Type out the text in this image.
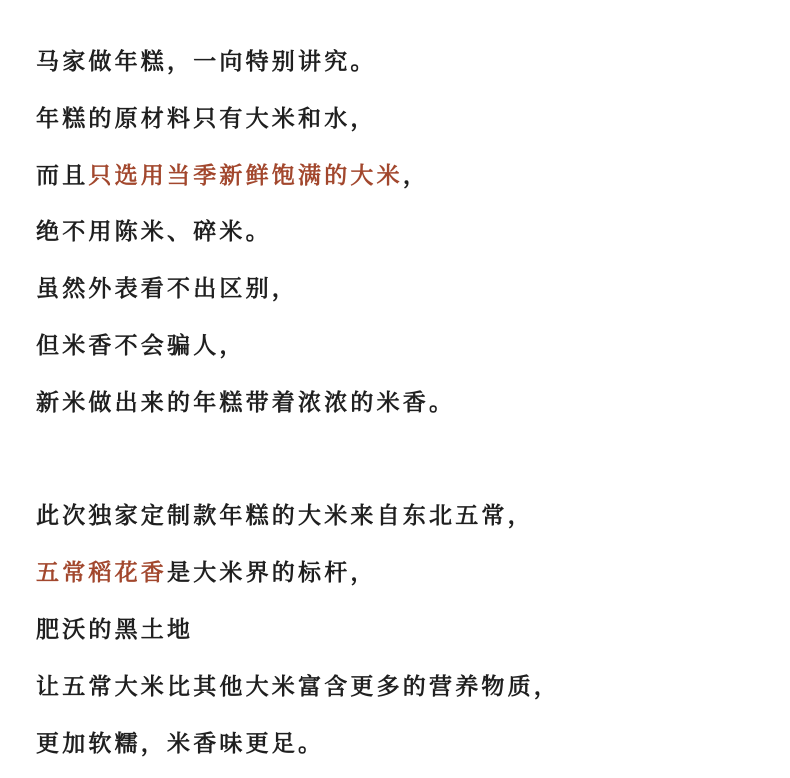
马家做年糕，一向特别讲究。
年糕的原材料只有大米和水，
而且只选用当季新鲜饱满的大米，
绝不用陈米、碎米。
虽然外表看不出区别，
但米香不会骗人，
新米做出来的年糕带着浓浓的米香。
此次独家定制款年糕的大米来自东北五常，
五常稻花香是大米界的标杆，
肥沃的黑土地
让五常大米比其他大米富含更多的营养物质，
更加软糯，米香味更足。
